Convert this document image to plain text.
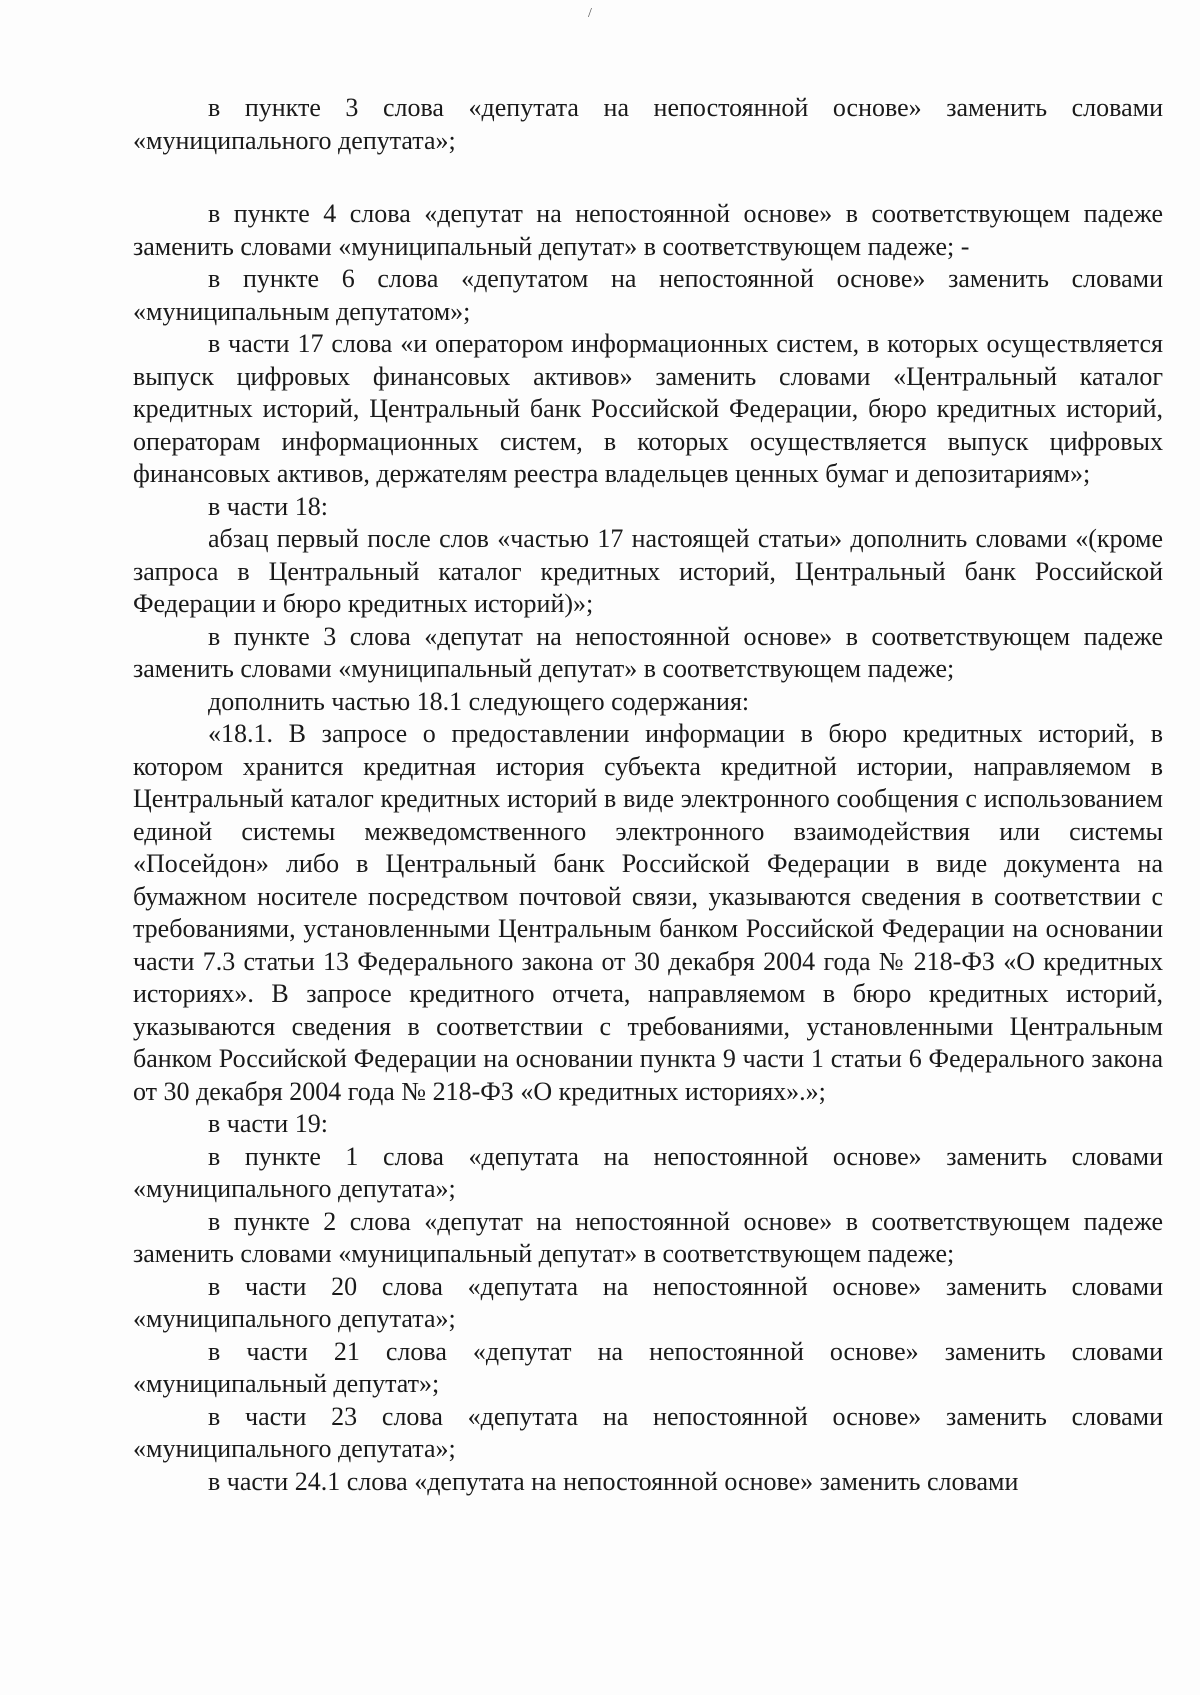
/

в пункте 3 слова «депутата на непостоянной основе» заменить словами «муниципального депутата»;

в пункте 4 слова «депутат на непостоянной основе» в соответствующем падеже заменить словами «муниципальный депутат» в соответствующем падеже; -

в пункте 6 слова «депутатом на непостоянной основе» заменить словами «муниципальным депутатом»;

в части 17 слова «и оператором информационных систем, в которых осуществляется выпуск цифровых финансовых активов» заменить словами «Центральный каталог кредитных историй, Центральный банк Российской Федерации, бюро кредитных историй, операторам информационных систем, в которых осуществляется выпуск цифровых финансовых активов, держателям реестра владельцев ценных бумаг и депозитариям»;

в части 18:

абзац первый после слов «частью 17 настоящей статьи» дополнить словами «(кроме запроса в Центральный каталог кредитных историй, Центральный банк Российской Федерации и бюро кредитных историй)»;

в пункте 3 слова «депутат на непостоянной основе» в соответствующем падеже заменить словами «муниципальный депутат» в соответствующем падеже;

дополнить частью 18.1 следующего содержания:

«18.1. В запросе о предоставлении информации в бюро кредитных историй, в котором хранится кредитная история субъекта кредитной истории, направляемом в Центральный каталог кредитных историй в виде электронного сообщения с использованием единой системы межведомственного электронного взаимодействия или системы «Посейдон» либо в Центральный банк Российской Федерации в виде документа на бумажном носителе посредством почтовой связи, указываются сведения в соответствии с требованиями, установленными Центральным банком Российской Федерации на основании части 7.3 статьи 13 Федерального закона от 30 декабря 2004 года № 218-ФЗ «О кредитных историях». В запросе кредитного отчета, направляемом в бюро кредитных историй, указываются сведения в соответствии с требованиями, установленными Центральным банком Российской Федерации на основании пункта 9 части 1 статьи 6 Федерального закона от 30 декабря 2004 года № 218-ФЗ «О кредитных историях».»;

в части 19:

в пункте 1 слова «депутата на непостоянной основе» заменить словами «муниципального депутата»;

в пункте 2 слова «депутат на непостоянной основе» в соответствующем падеже заменить словами «муниципальный депутат» в соответствующем падеже;

в части 20 слова «депутата на непостоянной основе» заменить словами «муниципального депутата»;

в части 21 слова «депутат на непостоянной основе» заменить словами «муниципальный депутат»;

в части 23 слова «депутата на непостоянной основе» заменить словами «муниципального депутата»;

в части 24.1 слова «депутата на непостоянной основе» заменить словами
